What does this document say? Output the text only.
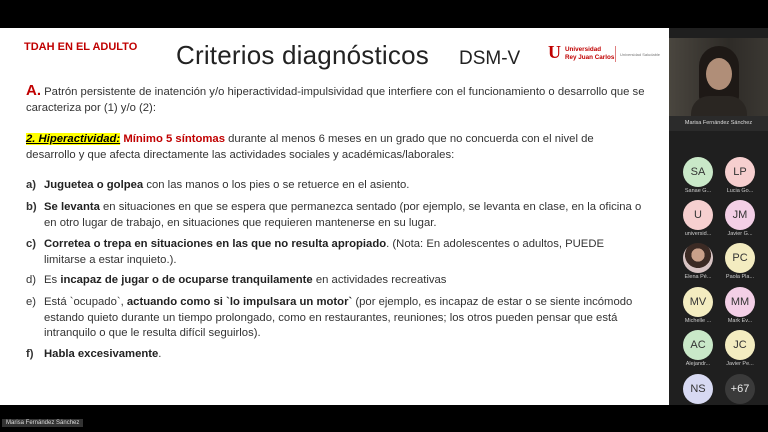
TDAH EN EL ADULTO Criterios diagnósticos DSM-V U Universidad
Rey Juan Carlos Universidad Saludable
A. Patrón persistente de inatención y/o hiperactividad-impulsividad que interfiere con el funcionamiento o desarrollo que se caracteriza por (1) y/o (2):
2. Hiperactividad: Mínimo 5 síntomas durante al menos 6 meses en un grado que no concuerda con el nivel de desarrollo y que afecta directamente las actividades sociales y académicas/laborales:
a) Juguetea o golpea con las manos o los pies o se retuerce en el asiento.
b) Se levanta en situaciones en que se espera que permanezca sentado (por ejemplo, se levanta en clase, en la oficina o en otro lugar de trabajo, en situaciones que requieren mantenerse en su lugar.
c) Corretea o trepa en situaciones en las que no resulta apropiado. (Nota: En adolescentes o adultos, PUEDE limitarse a estar inquieto.).
d) Es incapaz de jugar o de ocuparse tranquilamente en actividades recreativas
e) Está `ocupado`, actuando como si `lo impulsara un motor` (por ejemplo, es incapaz de estar o se siente incómodo estando quieto durante un tiempo prolongado, como en restaurantes, reuniones; los otros pueden pensar que está intranquilo o que le resulta difícil seguirlos).
f) Habla excesivamente.
Marisa Fernández Sánchez
SA
Sanae G...
LP
Lucia Go...
U
universid...
JM
Javier G...
Elena Pé...
PC
Paola Pla...
MV
Michelle ...
MM
Mark Ev...
AC
Alejandr...
JC
Javier Pe...
NS	+67
Marisa Fernández Sánchez
